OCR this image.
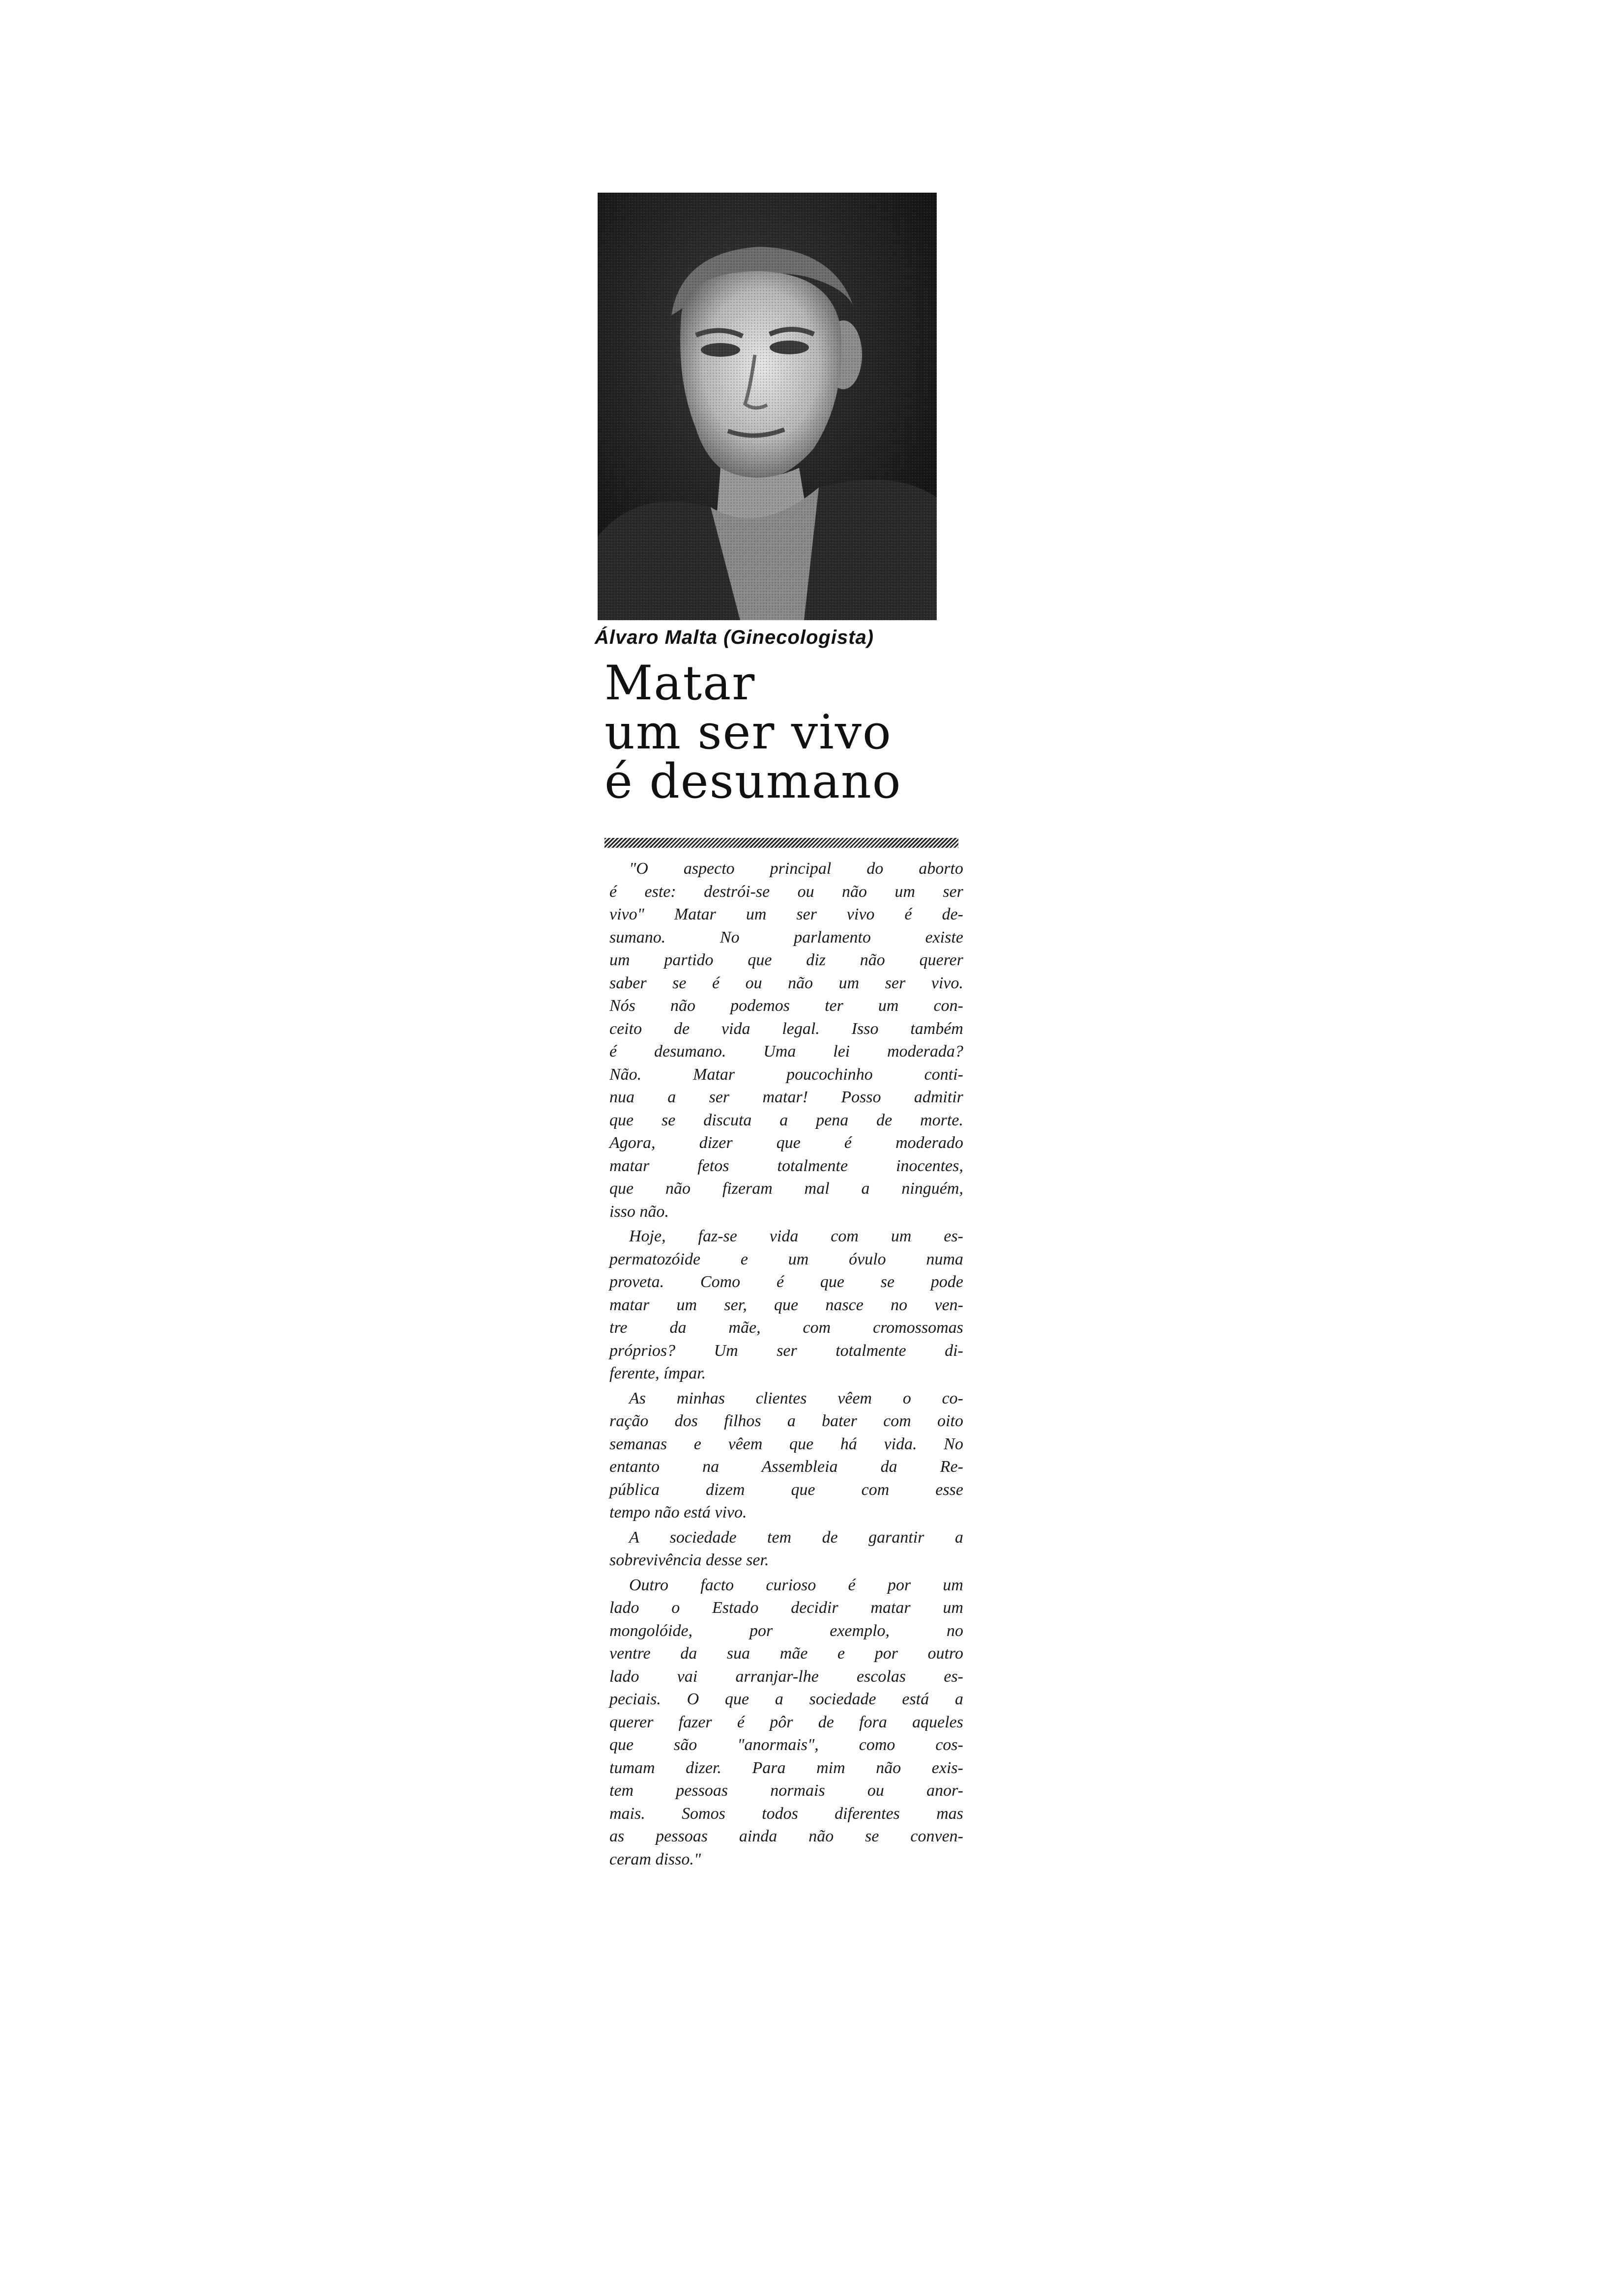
Álvaro Malta (Ginecologista)
Matar
um ser vivo
é desumano
"O aspecto principal do aborto
é este: destrói-se ou não um ser
vivo" Matar um ser vivo é de-
sumano. No parlamento existe
um partido que diz não querer
saber se é ou não um ser vivo.
Nós não podemos ter um con-
ceito de vida legal. Isso também
é desumano. Uma lei moderada?
Não. Matar poucochinho conti-
nua a ser matar! Posso admitir
que se discuta a pena de morte.
Agora, dizer que é moderado
matar fetos totalmente inocentes,
que não fizeram mal a ninguém,
isso não.
Hoje, faz-se vida com um es-
permatozóide e um óvulo numa
proveta. Como é que se pode
matar um ser, que nasce no ven-
tre da mãe, com cromossomas
próprios? Um ser totalmente di-
ferente, ímpar.
As minhas clientes vêem o co-
ração dos filhos a bater com oito
semanas e vêem que há vida. No
entanto na Assembleia da Re-
pública dizem que com esse
tempo não está vivo.
A sociedade tem de garantir a
sobrevivência desse ser.
Outro facto curioso é por um
lado o Estado decidir matar um
mongolóide, por exemplo, no
ventre da sua mãe e por outro
lado vai arranjar-lhe escolas es-
peciais. O que a sociedade está a
querer fazer é pôr de fora aqueles
que são "anormais", como cos-
tumam dizer. Para mim não exis-
tem pessoas normais ou anor-
mais. Somos todos diferentes mas
as pessoas ainda não se conven-
ceram disso."
